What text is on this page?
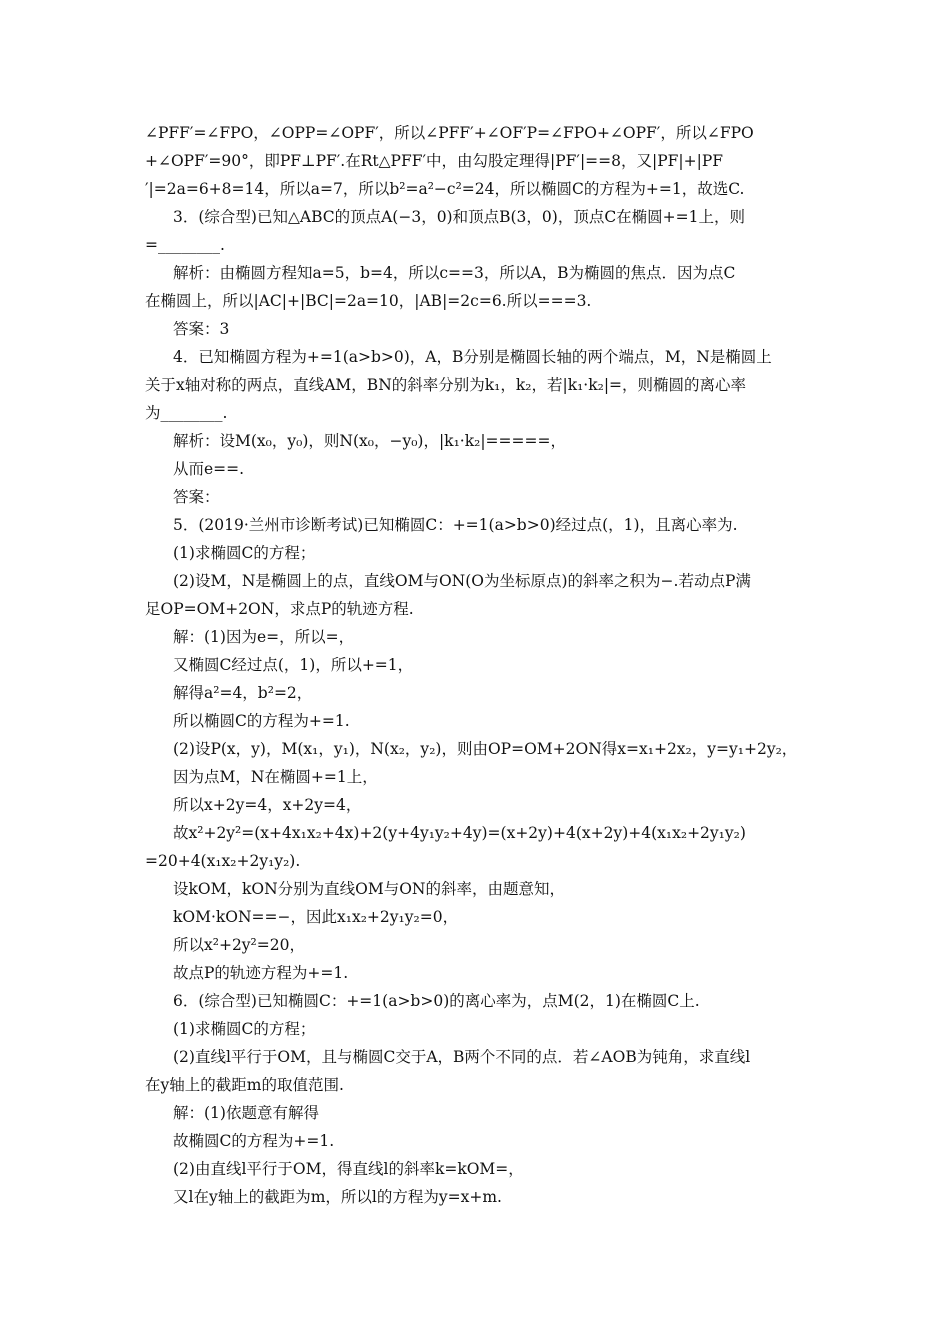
∠PFF′=∠FPO，∠OPP=∠OPF′，所以∠PFF′+∠OF′P=∠FPO+∠OPF′，所以∠FPO
+∠OPF′=90°，即PF⊥PF′.在Rt△PFF′中，由勾股定理得|PF′|==8，又|PF|+|PF
′|=2a=6+8=14，所以a=7，所以b²=a²−c²=24，所以椭圆C的方程为+=1，故选C.
3．(综合型)已知△ABC的顶点A(−3，0)和顶点B(3，0)，顶点C在椭圆+=1上，则
=________.
解析：由椭圆方程知a=5，b=4，所以c==3，所以A，B为椭圆的焦点．因为点C
在椭圆上，所以|AC|+|BC|=2a=10，|AB|=2c=6.所以===3.
答案：3
4．已知椭圆方程为+=1(a>b>0)，A，B分别是椭圆长轴的两个端点，M，N是椭圆上
关于x轴对称的两点，直线AM，BN的斜率分别为k₁，k₂，若|k₁·k₂|=，则椭圆的离心率
为________.
解析：设M(x₀，y₀)，则N(x₀，−y₀)，|k₁·k₂|=====，
从而e==.
答案：
5．(2019·兰州市诊断考试)已知椭圆C：+=1(a>b>0)经过点(，1)，且离心率为.
(1)求椭圆C的方程；
(2)设M，N是椭圆上的点，直线OM与ON(O为坐标原点)的斜率之积为−.若动点P满
足OP=OM+2ON，求点P的轨迹方程.
解：(1)因为e=，所以=，
又椭圆C经过点(，1)，所以+=1，
解得a²=4，b²=2，
所以椭圆C的方程为+=1.
(2)设P(x，y)，M(x₁，y₁)，N(x₂，y₂)，则由OP=OM+2ON得x=x₁+2x₂，y=y₁+2y₂，
因为点M，N在椭圆+=1上，
所以x+2y=4，x+2y=4，
故x²+2y²=(x+4x₁x₂+4x)+2(y+4y₁y₂+4y)=(x+2y)+4(x+2y)+4(x₁x₂+2y₁y₂)
=20+4(x₁x₂+2y₁y₂).
设kOM，kON分别为直线OM与ON的斜率，由题意知，
kOM·kON==−，因此x₁x₂+2y₁y₂=0，
所以x²+2y²=20，
故点P的轨迹方程为+=1.
6．(综合型)已知椭圆C：+=1(a>b>0)的离心率为，点M(2，1)在椭圆C上.
(1)求椭圆C的方程；
(2)直线l平行于OM，且与椭圆C交于A，B两个不同的点．若∠AOB为钝角，求直线l
在y轴上的截距m的取值范围.
解：(1)依题意有解得
故椭圆C的方程为+=1.
(2)由直线l平行于OM，得直线l的斜率k=kOM=，
又l在y轴上的截距为m，所以l的方程为y=x+m.
